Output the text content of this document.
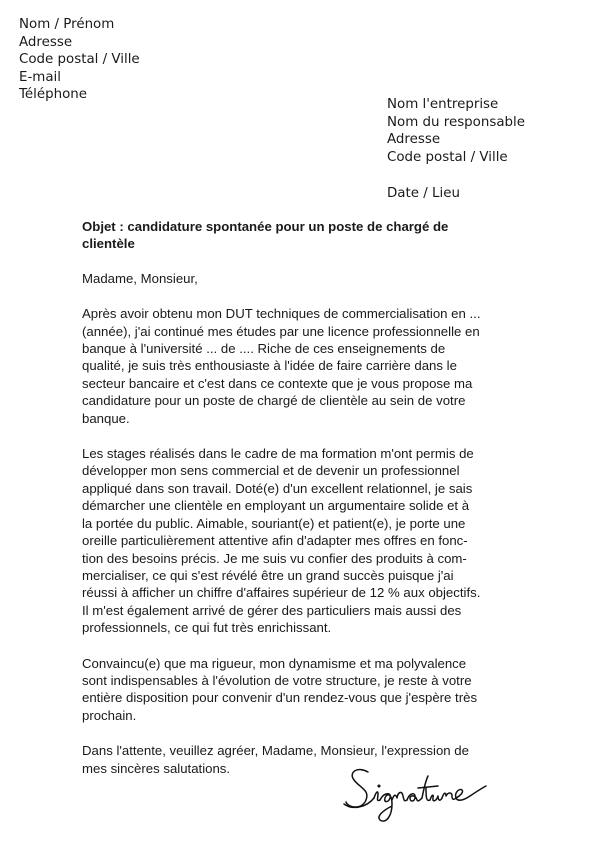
Nom / Prénom
Adresse
Code postal / Ville
E-mail
Téléphone
Nom l'entreprise
Nom du responsable
Adresse
Code postal / Ville
Date / Lieu
Objet : candidature spontanée pour un poste de chargé de
clientèle
Madame, Monsieur,
Après avoir obtenu mon DUT techniques de commercialisation en ...
(année), j'ai continué mes études par une licence professionnelle en
banque à l'université ... de .... Riche de ces enseignements de
qualité, je suis très enthousiaste à l'idée de faire carrière dans le
secteur bancaire et c'est dans ce contexte que je vous propose ma
candidature pour un poste de chargé de clientèle au sein de votre
banque.
Les stages réalisés dans le cadre de ma formation m'ont permis de
développer mon sens commercial et de devenir un professionnel
appliqué dans son travail. Doté(e) d'un excellent relationnel, je sais
démarcher une clientèle en employant un argumentaire solide et à
la portée du public. Aimable, souriant(e) et patient(e), je porte une
oreille particulièrement attentive afin d'adapter mes offres en fonc-
tion des besoins précis. Je me suis vu confier des produits à com-
mercialiser, ce qui s'est révélé être un grand succès puisque j'ai
réussi à afficher un chiffre d'affaires supérieur de 12 % aux objectifs.
Il m'est également arrivé de gérer des particuliers mais aussi des
professionnels, ce qui fut très enrichissant.
Convaincu(e) que ma rigueur, mon dynamisme et ma polyvalence
sont indispensables à l'évolution de votre structure, je reste à votre
entière disposition pour convenir d'un rendez-vous que j'espère très
prochain.
Dans l'attente, veuillez agréer, Madame, Monsieur, l'expression de
mes sincères salutations.
